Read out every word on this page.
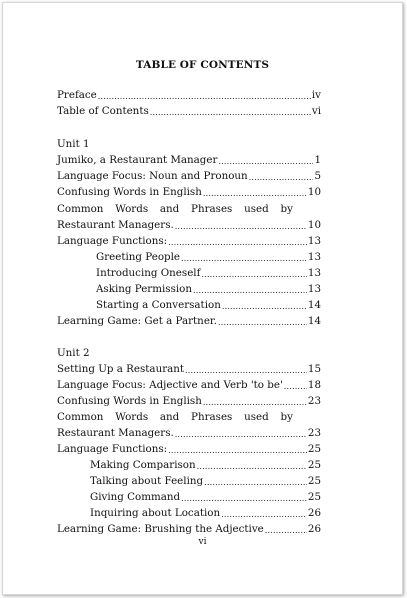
TABLE OF CONTENTS
Preface .....	iv
Table of Contents .....	vi
Unit 1
Jumiko, a Restaurant Manager .....	1
Language Focus: Noun and Pronoun .....	5
Confusing Words in English .....	10
Common Words and Phrases used by
Restaurant Managers. .....	10
Language Functions: .....	13
Greeting People .....	13
Introducing Oneself .....	13
Asking Permission .....	13
Starting a Conversation .....	14
Learning Game: Get a Partner. .....	14
Unit 2
Setting Up a Restaurant .....	15
Language Focus: Adjective and Verb 'to be' ..... 18
Confusing Words in English .....	23
Common Words and Phrases used by
Restaurant Managers. .....	23
Language Functions: .....	25
Making Comparison .....	25
Talking about Feeling .....	25
Giving Command .....	25
Inquiring about Location .....	26
Learning Game: Brushing the Adjective .....	26
vi
